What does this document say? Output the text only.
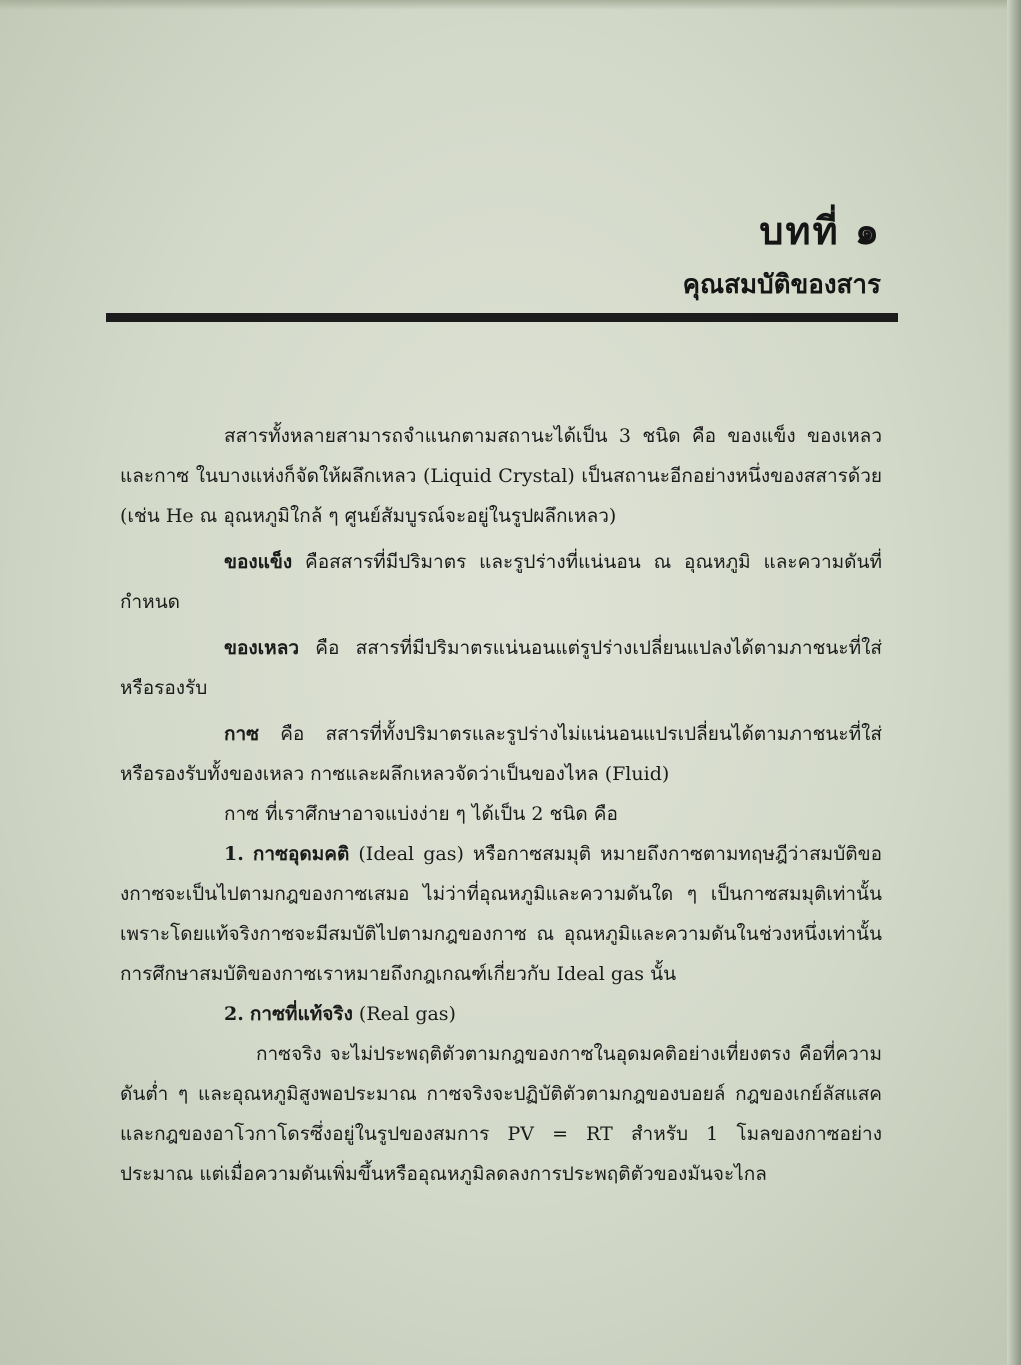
บทที่ ๑
คุณสมบัติของสาร

สสารทั้งหลายสามารถจำแนกตามสถานะได้เป็น 3 ชนิด คือ ของแข็ง ของเหลว และกาซ ในบางแห่งก็จัดให้ผลึกเหลว (Liquid Crystal) เป็นสถานะอีกอย่างหนึ่งของสสารด้วย (เช่น He ณ อุณหภูมิใกล้ ๆ ศูนย์สัมบูรณ์จะอยู่ในรูปผลึกเหลว)

ของแข็ง คือสสารที่มีปริมาตร และรูปร่างที่แน่นอน ณ อุณหภูมิ และความดันที่กำหนด

ของเหลว คือ สสารที่มีปริมาตรแน่นอนแต่รูปร่างเปลี่ยนแปลงได้ตามภาชนะที่ใส่หรือรองรับ

กาซ คือ สสารที่ทั้งปริมาตรและรูปร่างไม่แน่นอนแปรเปลี่ยนได้ตามภาชนะที่ใส่หรือรองรับทั้งของเหลว กาซและผลึกเหลวจัดว่าเป็นของไหล (Fluid)

กาซ ที่เราศึกษาอาจแบ่งง่าย ๆ ได้เป็น 2 ชนิด คือ

1. กาซอุดมคติ (Ideal gas) หรือกาซสมมุติ หมายถึงกาซตามทฤษฎีว่าสมบัติของกาซจะเป็นไปตามกฎของกาซเสมอ ไม่ว่าที่อุณหภูมิและความดันใด ๆ เป็นกาซสมมุติเท่านั้น เพราะโดยแท้จริงกาซจะมีสมบัติไปตามกฎของกาซ ณ อุณหภูมิและความดันในช่วงหนึ่งเท่านั้น การศึกษาสมบัติของกาซเราหมายถึงกฎเกณฑ์เกี่ยวกับ Ideal gas นั้น

2. กาซที่แท้จริง (Real gas)

กาซจริง จะไม่ประพฤติตัวตามกฎของกาซในอุดมคติอย่างเที่ยงตรง คือที่ความดันต่ำ ๆ และอุณหภูมิสูงพอประมาณ กาซจริงจะปฏิบัติตัวตามกฎของบอยล์ กฎของเกย์ลัสแสค และกฎของอาโวกาโดรซึ่งอยู่ในรูปของสมการ PV = RT สำหรับ 1 โมลของกาซอย่างประมาณ แต่เมื่อความดันเพิ่มขึ้นหรืออุณหภูมิลดลงการประพฤติตัวของมันจะไกล
